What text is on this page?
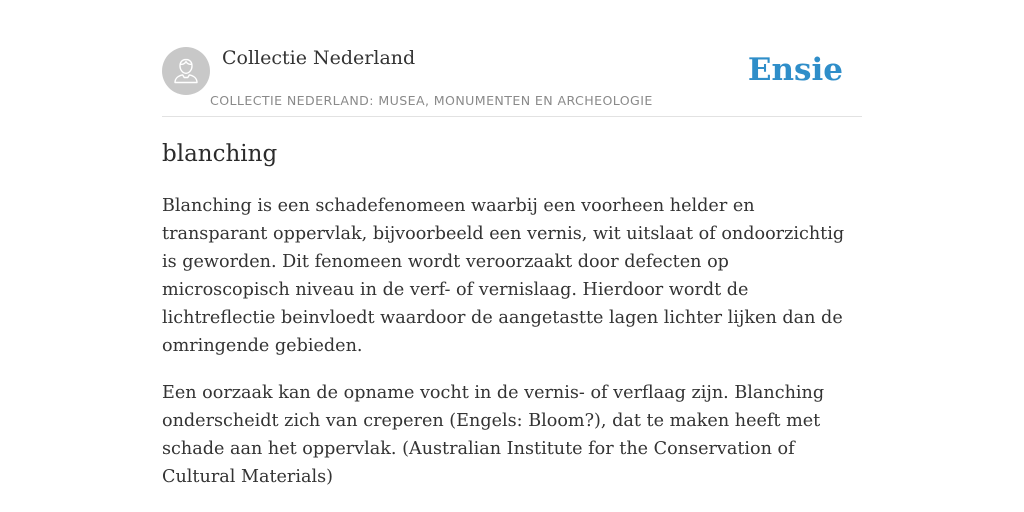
Collectie Nederland
COLLECTIE NEDERLAND: MUSEA, MONUMENTEN EN ARCHEOLOGIE
Ensie
blanching

Blanching is een schadefenomeen waarbij een voorheen helder en transparant oppervlak, bijvoorbeeld een vernis, wit uitslaat of ondoorzichtig is geworden. Dit fenomeen wordt veroorzaakt door defecten op microscopisch niveau in de verf- of vernislaag. Hierdoor wordt de lichtreflectie beinvloedt waardoor de aangetastte lagen lichter lijken dan de omringende gebieden.

Een oorzaak kan de opname vocht in de vernis- of verflaag zijn. Blanching onderscheidt zich van creperen (Engels: Bloom?), dat te maken heeft met schade aan het oppervlak. (Australian Institute for the Conservation of Cultural Materials)
